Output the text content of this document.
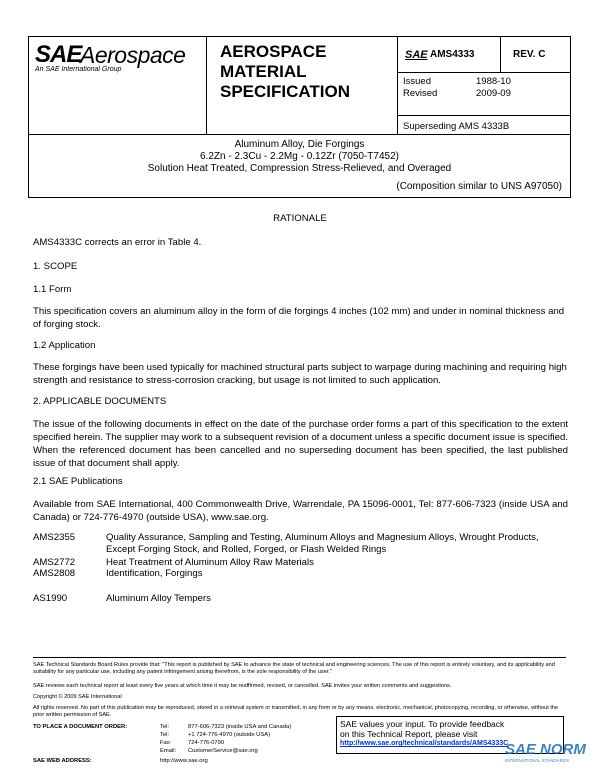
SAE
Aerospace
An SAE International Group
AEROSPACE
MATERIAL
SPECIFICATION
SAE AMS4333	REV. C
Issued	1988-10
Revised	2009-09
Superseding AMS 4333B
Aluminum Alloy, Die Forgings
6.2Zn - 2.3Cu - 2.2Mg - 0.12Zr (7050-T7452)
Solution Heat Treated, Compression Stress-Relieved, and Overaged
(Composition similar to UNS A97050)
RATIONALE
AMS4333C corrects an error in Table 4.
1. SCOPE
1.1 Form
This specification covers an aluminum alloy in the form of die forgings 4 inches (102 mm) and under in nominal thickness and of forging stock.
1.2 Application
These forgings have been used typically for machined structural parts subject to warpage during machining and requiring high strength and resistance to stress-corrosion cracking, but usage is not limited to such application.
2. APPLICABLE DOCUMENTS
The issue of the following documents in effect on the date of the purchase order forms a part of this specification to the extent specified herein. The supplier may work to a subsequent revision of a document unless a specific document issue is specified. When the referenced document has been cancelled and no superseding document has been specified, the last published issue of that document shall apply.
2.1 SAE Publications
Available from SAE International, 400 Commonwealth Drive, Warrendale, PA 15096-0001, Tel: 877-606-7323 (inside USA and Canada) or 724-776-4970 (outside USA), www.sae.org.
AMS2355	Quality Assurance, Sampling and Testing, Aluminum Alloys and Magnesium Alloys, Wrought Products, Except Forging Stock, and Rolled, Forged, or Flash Welded Rings
AMS2772	Heat Treatment of Aluminum Alloy Raw Materials
AMS2808	Identification, Forgings
AS1990	Aluminum Alloy Tempers
SAE Technical Standards Board Rules provide that: "This report is published by SAE to advance the state of technical and engineering sciences. The use of this report is entirely voluntary, and its applicability and suitability for any particular use, including any patent infringement arising therefrom, is the sole responsibility of the user."
SAE reviews each technical report at least every five years at which time it may be reaffirmed, revised, or cancelled. SAE invites your written comments and suggestions.
Copyright © 2009 SAE International
All rights reserved. No part of this publication may be reproduced, stored in a retrieval system or transmitted, in any form or by any means, electronic, mechanical, photocopying, recording, or otherwise, without the prior written permission of SAE.
TO PLACE A DOCUMENT ORDER:	Tel:	877-606-7323 (inside USA and Canada)
Tel:	+1 724-776-4970 (outside USA)
Fax:	724-776-0790
Email: CustomerService@sae.org
SAE WEB ADDRESS:	http://www.sae.org
SAE values your input. To provide feedback
on this Technical Report, please visit
http://www.sae.org/technical/standards/AMS4333C
SAE NORM
INTERNATIONAL STANDARDS
